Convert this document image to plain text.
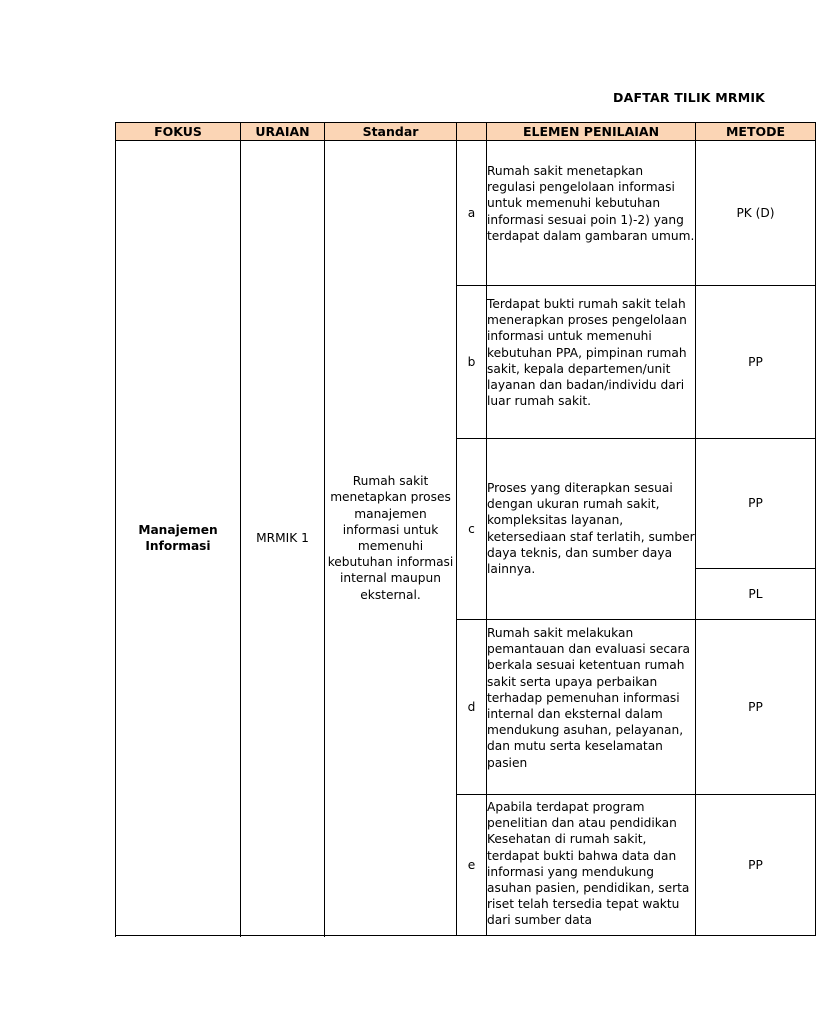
DAFTAR TILIK MRMIK
FOKUS	URAIAN	Standar		ELEMEN PENILAIAN	METODE

Manajemen Informasi	MRMIK 1	Rumah sakit menetapkan proses manajemen informasi untuk memenuhi kebutuhan informasi internal maupun eksternal.	a	Rumah sakit menetapkan regulasi pengelolaan informasi untuk memenuhi kebutuhan informasi sesuai poin 1)-2) yang terdapat dalam gambaran umum.	PK (D)
			b	Terdapat bukti rumah sakit telah menerapkan proses pengelolaan informasi untuk memenuhi kebutuhan PPA, pimpinan rumah sakit, kepala departemen/unit layanan dan badan/individu dari luar rumah sakit.	PP
			c	Proses yang diterapkan sesuai dengan ukuran rumah sakit, kompleksitas layanan, ketersediaan staf terlatih, sumber daya teknis, dan sumber daya lainnya.	PP
					PL
			d	Rumah sakit melakukan pemantauan dan evaluasi secara berkala sesuai ketentuan rumah sakit serta upaya perbaikan terhadap pemenuhan informasi internal dan eksternal dalam mendukung asuhan, pelayanan, dan mutu serta keselamatan pasien	PP
			e	Apabila terdapat program penelitian dan atau pendidikan Kesehatan di rumah sakit, terdapat bukti bahwa data dan informasi yang mendukung asuhan pasien, pendidikan, serta riset telah tersedia tepat waktu dari sumber data	PP
